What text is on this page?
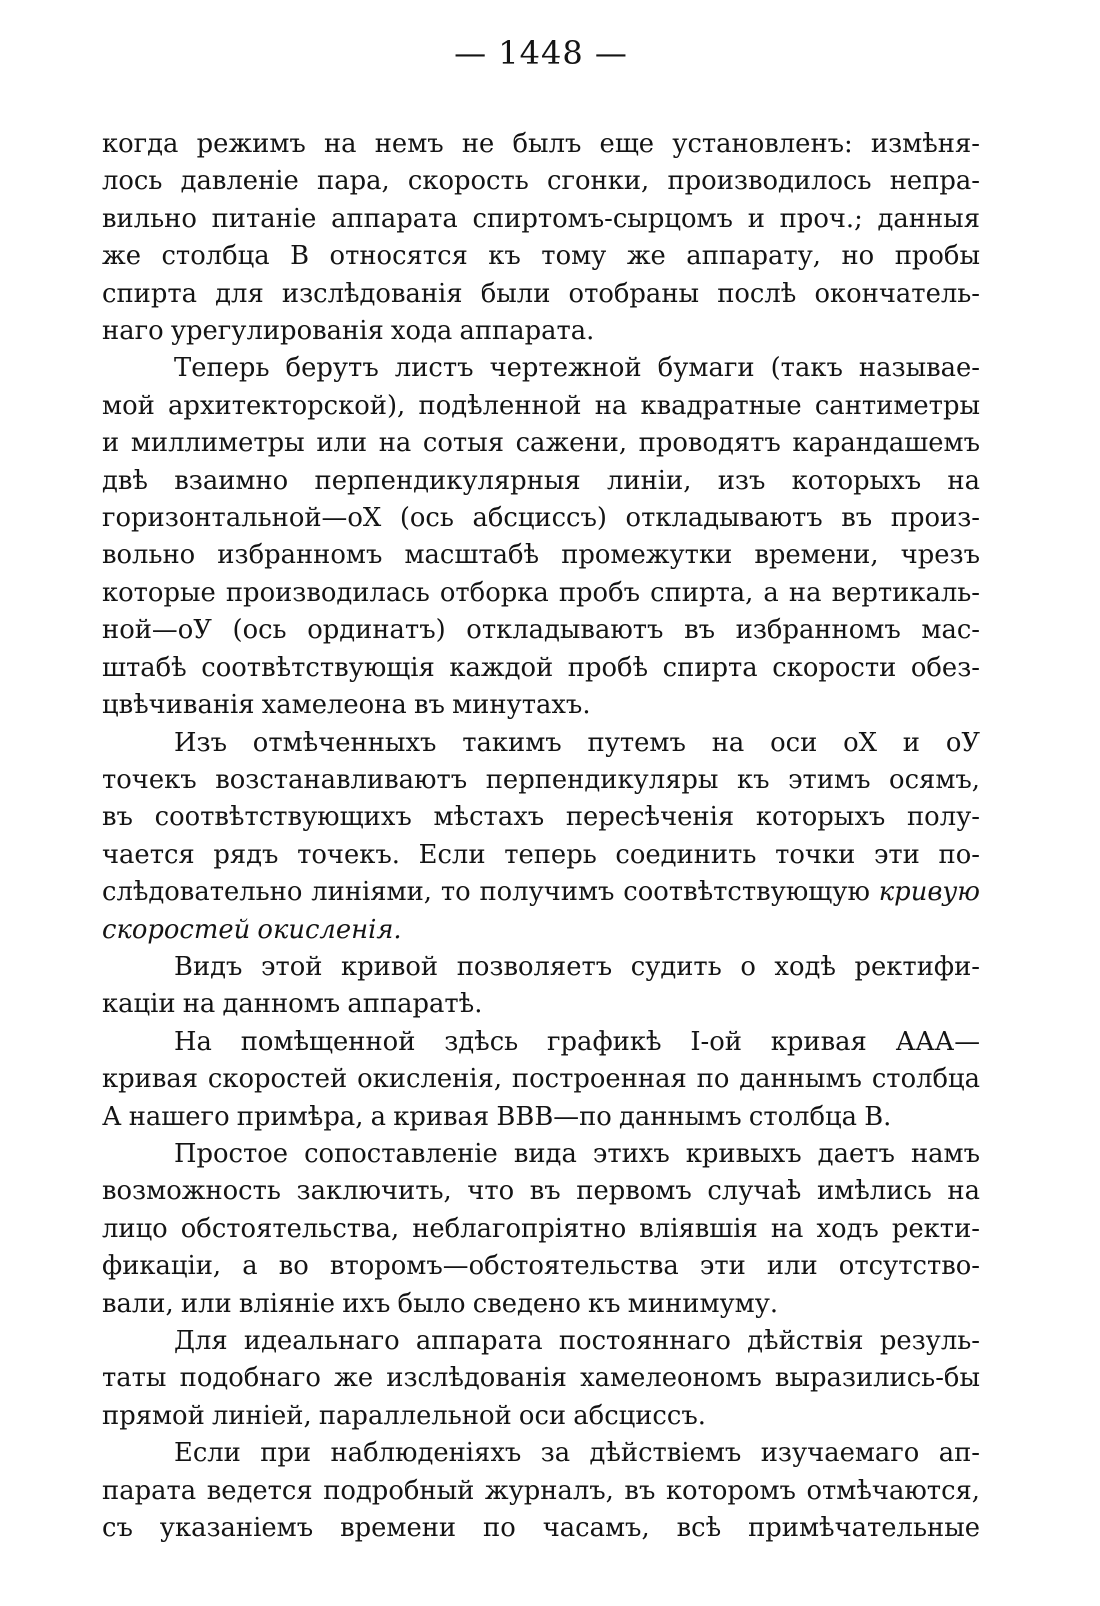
— 1448 —
когда режимъ на немъ не былъ еще установленъ: измѣня-
лось давленіе пара, скорость сгонки, производилось непра-
вильно питаніе аппарата спиртомъ-сырцомъ и проч.; данныя
же столбца В относятся къ тому же аппарату, но пробы
спирта для изслѣдованія были отобраны послѣ окончатель-
наго урегулированія хода аппарата.
Теперь берутъ листъ чертежной бумаги (такъ называе-
мой архитекторской), подѣленной на квадратные сантиметры
и миллиметры или на сотыя сажени, проводятъ карандашемъ
двѣ взаимно перпендикулярныя линіи, изъ которыхъ на
горизонтальной—oX (ось абсциссъ) откладываютъ въ произ-
вольно избранномъ масштабѣ промежутки времени, чрезъ
которые производилась отборка пробъ спирта, а на вертикаль-
ной—oУ (ось ординатъ) откладываютъ въ избранномъ мас-
штабѣ соотвѣтствующія каждой пробѣ спирта скорости обез-
цвѣчиванія хамелеона въ минутахъ.
Изъ отмѣченныхъ такимъ путемъ на оси oX и oУ
точекъ возстанавливаютъ перпендикуляры къ этимъ осямъ,
въ соотвѣтствующихъ мѣстахъ пересѣченія которыхъ полу-
чается рядъ точекъ. Если теперь соединить точки эти по-
слѣдовательно линіями, то получимъ соотвѣтствующую кривую
скоростей окисленія.
Видъ этой кривой позволяетъ судить о ходѣ ректифи-
каціи на данномъ аппаратѣ.
На помѣщенной здѣсь графикѣ І-ой кривая ААА—
кривая скоростей окисленія, построенная по даннымъ столбца
А нашего примѣра, а кривая ВВВ—по даннымъ столбца В.
Простое сопоставленіе вида этихъ кривыхъ даетъ намъ
возможность заключить, что въ первомъ случаѣ имѣлись на
лицо обстоятельства, неблагопріятно вліявшія на ходъ ректи-
фикаціи, а во второмъ—обстоятельства эти или отсутство-
вали, или вліяніе ихъ было сведено къ минимуму.
Для идеальнаго аппарата постояннаго дѣйствія резуль-
таты подобнаго же изслѣдованія хамелеономъ выразились-бы
прямой линіей, параллельной оси абсциссъ.
Если при наблюденіяхъ за дѣйствіемъ изучаемаго ап-
парата ведется подробный журналъ, въ которомъ отмѣчаются,
съ указаніемъ времени по часамъ, всѣ примѣчательные
